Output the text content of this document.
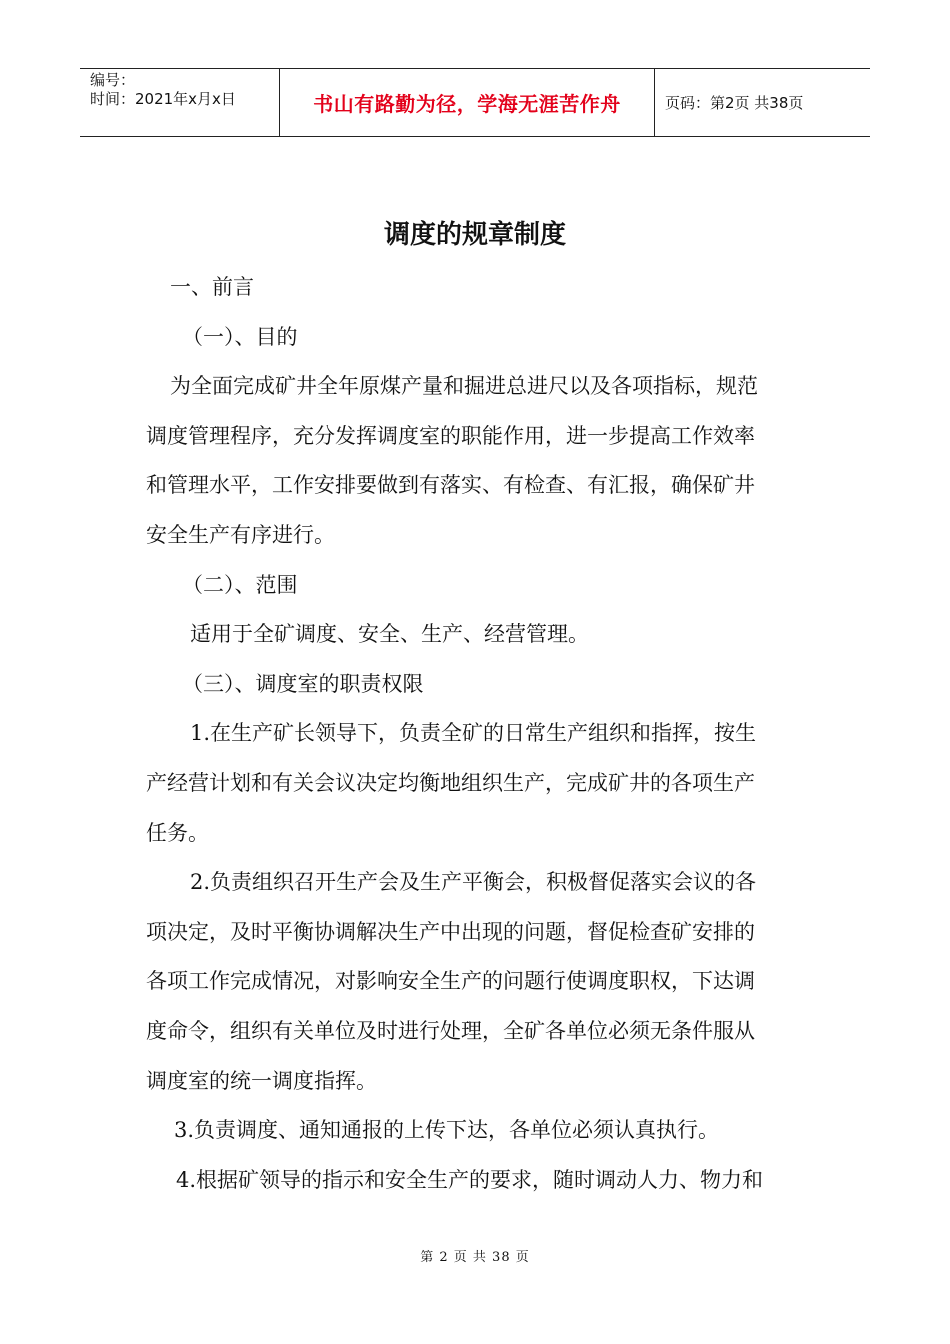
编号：
时间：2021年x月x日	书山有路勤为径，学海无涯苦作舟	页码：第2页 共38页
调度的规章制度
一、前言
（一）、目的
为全面完成矿井全年原煤产量和掘进总进尺以及各项指标，规范
调度管理程序，充分发挥调度室的职能作用，进一步提高工作效率
和管理水平，工作安排要做到有落实、有检查、有汇报，确保矿井
安全生产有序进行。
（二）、范围
适用于全矿调度、安全、生产、经营管理。
（三）、调度室的职责权限
1.在生产矿长领导下，负责全矿的日常生产组织和指挥，按生
产经营计划和有关会议决定均衡地组织生产，完成矿井的各项生产
任务。
2.负责组织召开生产会及生产平衡会，积极督促落实会议的各
项决定，及时平衡协调解决生产中出现的问题，督促检查矿安排的
各项工作完成情况，对影响安全生产的问题行使调度职权，下达调
度命令，组织有关单位及时进行处理，全矿各单位必须无条件服从
调度室的统一调度指挥。
3.负责调度、通知通报的上传下达，各单位必须认真执行。
4.根据矿领导的指示和安全生产的要求，随时调动人力、物力和
第 2 页 共 38 页
